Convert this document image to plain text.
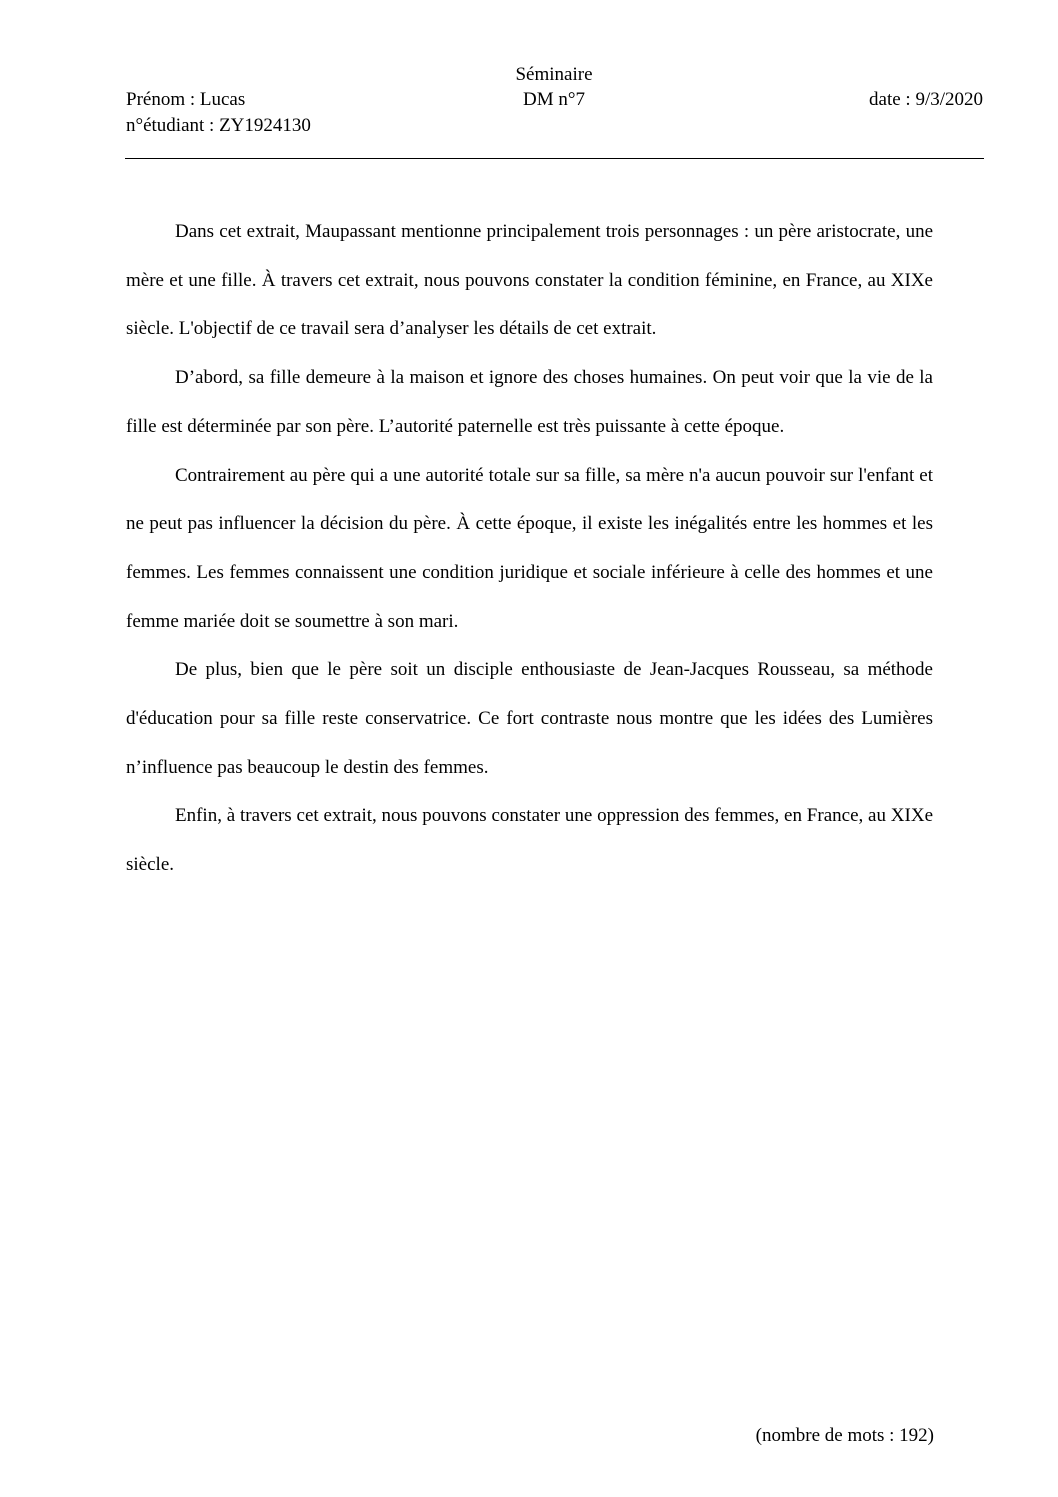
Prénom : Lucas
n°étudiant : ZY1924130
Séminaire
DM n°7	date : 9/3/2020

Dans cet extrait, Maupassant mentionne principalement trois personnages : un père aristocrate, une mère et une fille. À travers cet extrait, nous pouvons constater la condition féminine, en France, au XIXe siècle. L'objectif de ce travail sera d’analyser les détails de cet extrait.

D’abord, sa fille demeure à la maison et ignore des choses humaines. On peut voir que la vie de la fille est déterminée par son père. L’autorité paternelle est très puissante à cette époque.

Contrairement au père qui a une autorité totale sur sa fille, sa mère n'a aucun pouvoir sur l'enfant et ne peut pas influencer la décision du père. À cette époque, il existe les inégalités entre les hommes et les femmes. Les femmes connaissent une condition juridique et sociale inférieure à celle des hommes et une femme mariée doit se soumettre à son mari.

De plus, bien que le père soit un disciple enthousiaste de Jean-Jacques Rousseau, sa méthode d'éducation pour sa fille reste conservatrice. Ce fort contraste nous montre que les idées des Lumières n’influence pas beaucoup le destin des femmes.

Enfin, à travers cet extrait, nous pouvons constater une oppression des femmes, en France, au XIXe siècle.

(nombre de mots : 192)
